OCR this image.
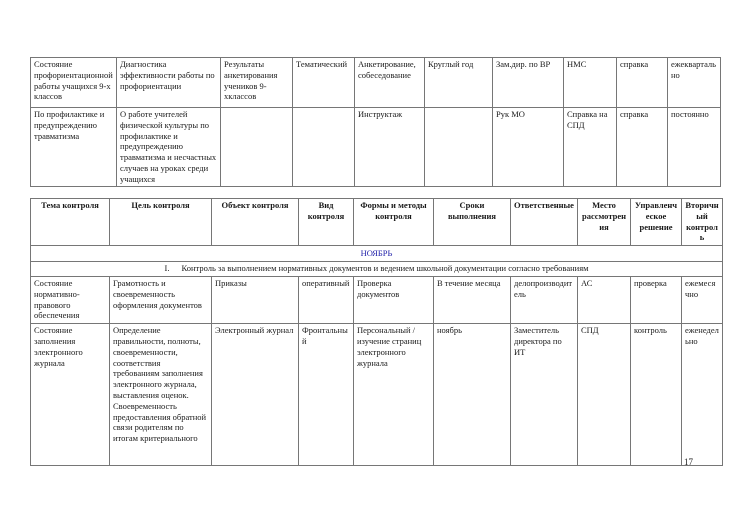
Состояние профориентационной работы учащихся 9-х классов	Диагностика эффективности работы по профориентации	Результаты анкетирования учеников 9-хклассов	Тематический	Анкетирование, собеседование	Круглый год	Зам.дир. по ВР	НМС	справка	ежеквартально
По профилактике и предупреждению травматизма	О работе учителей физической культуры по профилактике и предупреждению травматизма и несчастных случаев на уроках среди учащихся			Инструктаж		Рук МО	Справка на СПД	справка	постоянно
Тема контроля	Цель контроля	Объект контроля	Вид контроля	Формы и методы контроля	Сроки выполнения	Ответственные	Место рассмотрения	Управленческое решение	Вторичный контроль
НОЯБРЬ									
I. Контроль за выполнением нормативных документов и ведением школьной документации согласно требованиям									
Состояние нормативно-правового обеспечения	Грамотность и своевременность оформления документов	Приказы	оперативный	Проверка документов	В течение месяца	делопроизводитель	АС	проверка	ежемесячно
Состояние заполнения электронного журнала	Определение правильности, полноты, своевременности, соответствия требованиям заполнения электронного журнала, выставления оценок. Своевременность предоставления обратной связи родителям по итогам критериального	Электронный журнал	Фронтальный	Персональный / изучение страниц электронного журнала	ноябрь	Заместитель директора по ИТ	СПД	контроль	еженедельно
17
